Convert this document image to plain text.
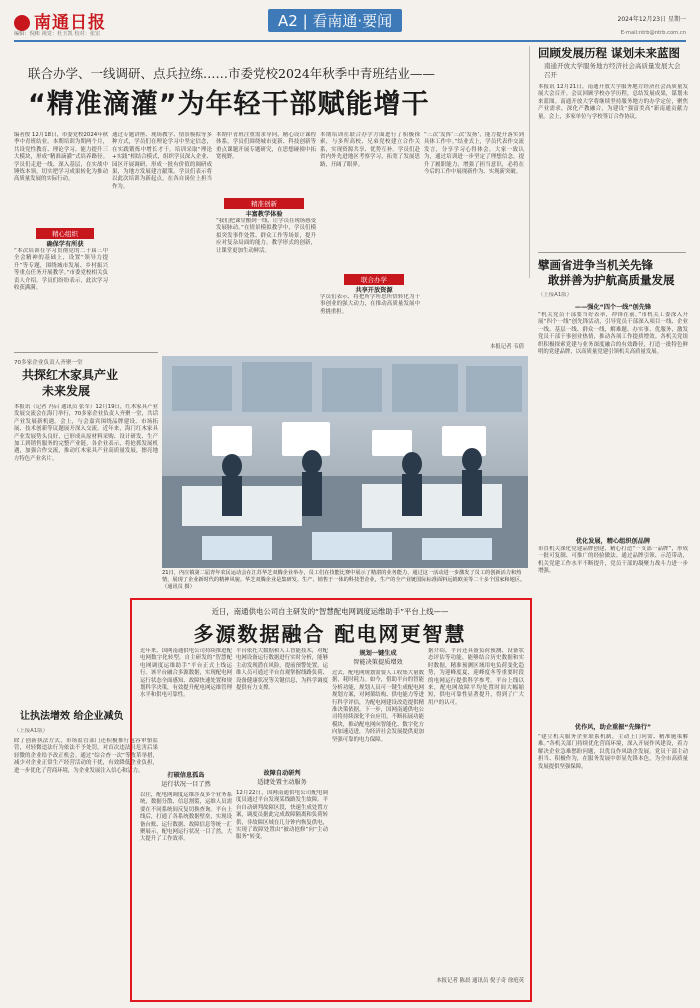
南通日报	A2 | 看南通·要闻	2024年12月23日 星期一
编辑：倪彬 视觉：杜玉凯 校对：张宏	E-mail:ntrb@ntrb.com.cn
联合办学、一线调研、点兵拉练……市委党校2024年秋季中青班结业——
“精准滴灌”为年轻干部赋能增干
编者按 12月18日，市委党校2024年秋季中青班结业。本期培训为期两个月，共设党性教育、理论学习、能力提升三大模块，形成“精准滴灌”式培养路径。学员们走进一线、深入基层，在实战中锤炼本领，切实把学习成果转化为推动高质量发展的实际行动。
精心组织
确保学有所获
“本次培训在学习贯彻党的二十届三中全会精神的基础上，设置“领导力提升”等专题，围绕城市发展、乡村振兴等重点任务开展教学。”市委党校相关负责人介绍。学员们纷纷表示，此次学习收获满满。
通过专题讲座、现场教学、情景模拟等多种方式，学员们在理论学习中坚定信念，在实践锻炼中增长才干。培训采取“理论+实践”相结合模式，组织学员深入企业、园区开展调研，形成一批有价值的调研成果，为地方发展建言献策。学员们表示将以此次培训为新起点，在各自岗位上担当作为。
精准创新
丰富教学体验
本期中青班注重需求导向，精心设计课程体系。学员们围绕城市更新、科技创新等重点课题开展专题研究，在思想碰撞中拓宽视野。
“我们把课堂搬到一线，让学员在现场感受发展脉动。”在情景模拟教学中，学员们模拟突发事件处置、群众工作等场景，提升应对复杂局面的能力。教学形式的创新，让课堂更加生动鲜活。
本期培训在联合办学方面进行了积极探索，与多所高校、兄弟党校建立合作关系，实现资源共享、优势互补。学员们赴省内外先进地区考察学习，拓宽了发展思路，开阔了眼界。
联合办学
共享开放资源
学员们表示，将把所学所思所悟转化为干事创业的强大动力，在推动高质量发展中勇挑重担。
“三次‘发挥’三次‘发扬’，能力提升落实到具体工作中。”结业式上，学员代表作交流发言，分享学习心得体会。大家一致认为，通过培训进一步坚定了理想信念，提升了履职能力，增强了担当意识，必将在今后的工作中展现新作为、实现新突破。
本报记者 韦倩
回顾发展历程 谋划未来蓝图
南通开放大学服务地方经济社会高质量发展大会召开
本报讯 12月21日，南通开放大学服务地方经济社会高质量发展大会召开。会议回顾学校办学历程，总结发展成果，谋划未来蓝图。南通开放大学将继续坚持服务地方的办学定位，聚焦产业需求，深化产教融合，为建设“强富美高”新南通贡献力量。会上，多家单位与学校签订合作协议。
擘画省进争当机关先锋
敢拼善为护航高质量发展
（上接A1版）
——强化“四个一线”创先锋
“机关党员干部要当好表率，冲锋在前。”市机关工委深入开展“四个一线”创先锋活动，引导党员干部深入项目一线、企业一线、基层一线、群众一线，解难题、办实事、优服务，激发党员干部干事创业热情，推动各项工作提质增效。各机关党组织积极探索党建与业务深度融合的有效路径，打造一批特色鲜明的党建品牌，以高质量党建引领机关高质量发展。
优化发展，精心组织创品牌
市直机关深化党建品牌创建，精心打造“一支部一品牌”，形成一批可复制、可推广的经验做法。通过品牌引领、示范带动，机关党建工作水平不断提升，党员干部的凝聚力战斗力进一步增强。
优作风，助企重振“先锋行”
“建立机关服务企业联系机制，主动上门问需、精准施策解难。”各机关部门持续优化营商环境，深入开展作风建设，着力解决企业急难愁盼问题，以优良作风助企发展。党员干部主动担当、积极作为，在服务发展中彰显先锋本色，为全市高质量发展提供坚强保障。
21日，内庄镇第二届青年农民运动会在江苏华芝双腾企业举办，员工们在技能比赛中展示了精湛的业务能力，通过这一活动进一步激发了员工的创新活力和热情，展现了企业新时代的精神风貌。华芝双腾企业是集研发、生产、销售于一体的科技型企业，生产的全产业链国际标准面料远销欧美等二十多个国家和地区。（通讯员 摄）
70多家企业负责人齐聚一堂
共探红木家具产业
未来发展
本报讯（记者 冯启 通讯员 张军）12月19日，红木家具产业发展交流会在海门举行，70多家企业负责人齐聚一堂，共话产业发展新机遇。会上，与会嘉宾围绕品牌建设、市场拓展、技术创新等议题展开深入交流。近年来，海门红木家具产业发展势头良好，已形成从原材料采购、设计研发、生产加工到销售服务的完整产业链。各企业表示，将抢抓发展机遇，加强合作交流，推动红木家具产业高质量发展，擦亮地方特色产业名片。
让执法增效 给企业减负
（上接A1版）
除了创新执法方式，市场监管部门还积极推行包容审慎监管，对轻微违法行为依法不予处罚，对首次违法且危害后果轻微的企业给予改正机会。通过“综合查一次”等改革举措，减少对企业正常生产经营活动的干扰，有效降低企业负担，进一步优化了营商环境，为企业发展注入信心和活力。
近日，南通供电公司自主研发的“智慧配电网调度运维助手”平台上线——
多源数据融合 配电网更智慧
近年来，国网南通供电公司持续推进配电网数字化转型，自主研发的“智慧配电网调度运维助手”平台正式上线运行。该平台融合多源数据，实现配电网运行状态全面感知、故障快速处置和规划科学决策，有效提升配电网运维管理水平和供电可靠性。
打破信息孤岛
运行状况一目了然
以往，配电网调度运维涉及多个业务系统，数据分散、信息割裂，运维人员需要在不同系统间反复切换查询。平台上线后，打通了各系统数据壁垒，实现设备台账、运行数据、故障信息等统一汇聚展示，配电网运行状况一目了然，大大提升了工作效率。
平台依托大数据和人工智能技术，对配电网设备运行数据进行实时分析，能够主动发现潜在风险，提前预警处置。运维人员可通过平台直观掌握线路负荷、设备健康状况等关键信息，为科学调度提供有力支撑。
故障自动研判
适捷处置主动服务
12月22日，国网南通供电公司配电调度员通过平台发现某线路发生故障。平台自动研判故障区段，快速生成处置方案，调度员据此完成故障隔离和负荷转供，非故障区域在几分钟内恢复供电，实现了故障处置由“被动抢修”向“主动服务”转变。
规划一键生成
智能决策提质增效
过去，配电网规划需要人工收集大量数据，耗时耗力。如今，借助平台的智能分析功能，规划人员可一键生成配电网规划方案，对网架结构、供电能力等进行科学评估，为配电网建设改造提供精准决策依据。下一步，国网南通供电公司将持续深化平台应用，不断拓展功能模块，推动配电网向智能化、数字化方向加速迈进，为经济社会发展提供更加坚强可靠的电力保障。
据介绍，平台还具备负荷预测、设备状态评估等功能，能够结合历史数据和实时数据，精准预测区域用电负荷变化趋势，为迎峰度夏、迎峰度冬等重要时段的电网运行提供科学参考。平台上线以来，配电网故障平均处置时间大幅缩短，供电可靠性显著提升，得到了广大用户的认可。
本报记者 陈晨 通讯员 倪子奇 徐庭英
